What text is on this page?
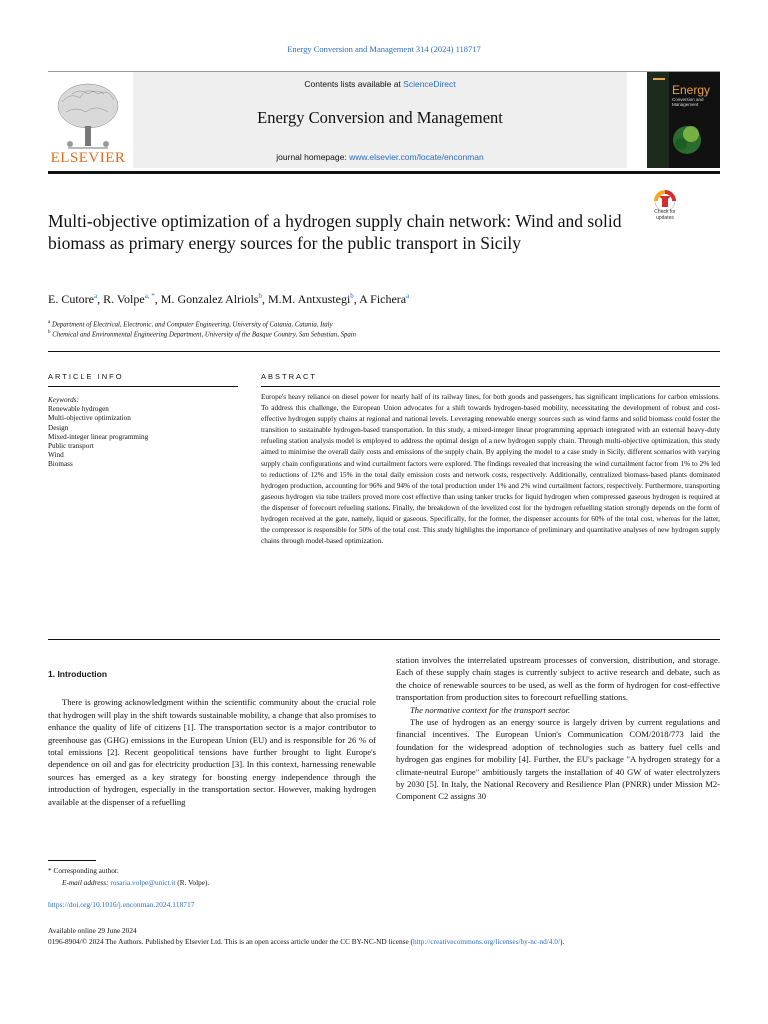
Energy Conversion and Management 314 (2024) 118717
ELSEVIER
Contents lists available at ScienceDirect
Energy Conversion and Management
journal homepage: www.elsevier.com/locate/enconman
Energy
Conversion and Management
Check for updates
Multi-objective optimization of a hydrogen supply chain network: Wind and solid biomass as primary energy sources for the public transport in Sicily
E. Cutore$^a$, R. Volpe$^{a, *}$, M. Gonzalez Alriols$^b$, M.M. Antxustegi$^b$, A Fichera$^a$
$^a$ Department of Electrical, Electronic, and Computer Engineering, University of Catania, Catania, Italy
$^b$ Chemical and Environmental Engineering Department, University of the Basque Country, San Sebastian, Spain
ARTICLE INFO	ABSTRACT
Keywords:
Renewable hydrogen
Multi-objective optimization
Design
Mixed-integer linear programming
Public transport
Wind
Biomass
Europe's heavy reliance on diesel power for nearly half of its railway lines, for both goods and passengers, has significant implications for carbon emissions. To address this challenge, the European Union advocates for a shift towards hydrogen-based mobility, necessitating the development of robust and cost-effective hydrogen supply chains at regional and national levels. Leveraging renewable energy sources such as wind farms and solid biomass could foster the transition to sustainable hydrogen-based transportation. In this study, a mixed-integer linear programming approach integrated with an external heavy-duty refueling station analysis model is employed to address the optimal design of a new hydrogen supply chain. Through multi-objective optimization, this study aimed to minimise the overall daily costs and emissions of the supply chain. By applying the model to a case study in Sicily, different scenarios with varying supply chain configurations and wind curtailment factors were explored. The findings revealed that increasing the wind curtailment factor from 1% to 2% led to reductions of 12% and 15% in the total daily emission costs and network costs, respectively. Additionally, centralized biomass-based plants dominated hydrogen production, accounting for 96% and 94% of the total production under 1% and 2% wind curtailment factors, respectively. Furthermore, transporting gaseous hydrogen via tube trailers proved more cost effective than using tanker trucks for liquid hydrogen when compressed gaseous hydrogen is required at the dispenser of forecourt refueling stations. Finally, the breakdown of the levelized cost for the hydrogen refuelling station strongly depends on the form of hydrogen received at the gate, namely, liquid or gaseous. Specifically, for the former, the dispenser accounts for 60% of the total cost, whereas for the latter, the compressor is responsible for 50% of the total cost. This study highlights the importance of preliminary and quantitative analyses of new hydrogen supply chains through model-based optimization.
1. Introduction

There is growing acknowledgment within the scientific community about the crucial role that hydrogen will play in the shift towards sustainable mobility, a change that also promises to enhance the quality of life of citizens [1]. The transportation sector is a major contributor to greenhouse gas (GHG) emissions in the European Union (EU) and is responsible for 26 % of total emissions [2]. Recent geopolitical tensions have further brought to light Europe's dependence on oil and gas for electricity production [3]. In this context, harnessing renewable sources has emerged as a key strategy for boosting energy independence through the introduction of hydrogen, especially in the transportation sector. However, making hydrogen available at the dispenser of a refuelling

station involves the interrelated upstream processes of conversion, distribution, and storage. Each of these supply chain stages is currently subject to active research and debate, such as the choice of renewable sources to be used, as well as the form of hydrogen for cost-effective transportation from production sites to forecourt refuelling stations.

The normative context for the transport sector.

The use of hydrogen as an energy source is largely driven by current regulations and financial incentives. The European Union's Communication COM/2018/773 laid the foundation for the widespread adoption of technologies such as battery fuel cells and hydrogen gas engines for mobility [4]. Further, the EU's package "A hydrogen strategy for a climate-neutral Europe" ambitiously targets the installation of 40 GW of water electrolyzers by 2030 [5]. In Italy, the National Recovery and Resilience Plan (PNRR) under Mission M2-Component C2 assigns 30

* Corresponding author.
E-mail address: rosaria.volpe@unict.it (R. Volpe).
https://doi.org/10.1016/j.enconman.2024.118717
Available online 29 June 2024
0196-8904/© 2024 The Authors. Published by Elsevier Ltd. This is an open access article under the CC BY-NC-ND license (http://creativecommons.org/licenses/by-nc-nd/4.0/).
